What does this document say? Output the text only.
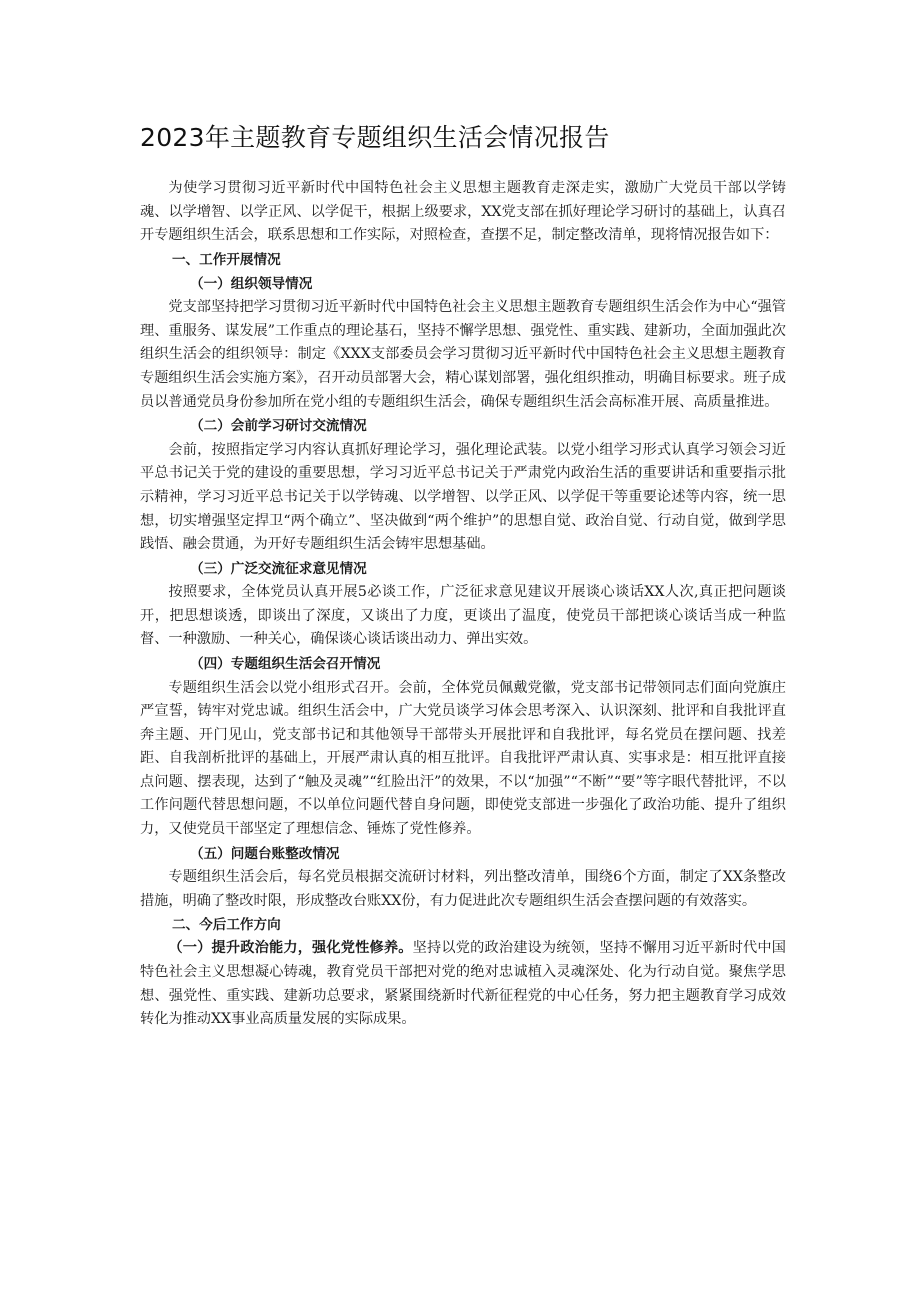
2023年主题教育专题组织生活会情况报告

为使学习贯彻习近平新时代中国特色社会主义思想主题教育走深走实，激励广大党员干部以学铸魂、以学增智、以学正风、以学促干，根据上级要求，XX党支部在抓好理论学习研讨的基础上，认真召开专题组织生活会，联系思想和工作实际，对照检查，查摆不足，制定整改清单，现将情况报告如下：

一、工作开展情况
（一）组织领导情况

党支部坚持把学习贯彻习近平新时代中国特色社会主义思想主题教育专题组织生活会作为中心“强管理、重服务、谋发展”工作重点的理论基石，坚持不懈学思想、强党性、重实践、建新功，全面加强此次组织生活会的组织领导：制定《XXX支部委员会学习贯彻习近平新时代中国特色社会主义思想主题教育专题组织生活会实施方案》，召开动员部署大会，精心谋划部署，强化组织推动，明确目标要求。班子成员以普通党员身份参加所在党小组的专题组织生活会，确保专题组织生活会高标准开展、高质量推进。

（二）会前学习研讨交流情况

会前，按照指定学习内容认真抓好理论学习，强化理论武装。以党小组学习形式认真学习领会习近平总书记关于党的建设的重要思想，学习习近平总书记关于严肃党内政治生活的重要讲话和重要指示批示精神，学习习近平总书记关于以学铸魂、以学增智、以学正风、以学促干等重要论述等内容，统一思想，切实增强坚定捍卫“两个确立”、坚决做到“两个维护”的思想自觉、政治自觉、行动自觉，做到学思践悟、融会贯通，为开好专题组织生活会铸牢思想基础。

（三）广泛交流征求意见情况

按照要求，全体党员认真开展5必谈工作，广泛征求意见建议开展谈心谈话XX人次,真正把问题谈开，把思想谈透，即谈出了深度，又谈出了力度，更谈出了温度，使党员干部把谈心谈话当成一种监督、一种激励、一种关心，确保谈心谈话谈出动力、弹出实效。

（四）专题组织生活会召开情况

专题组织生活会以党小组形式召开。会前，全体党员佩戴党徽，党支部书记带领同志们面向党旗庄严宣誓，铸牢对党忠诚。组织生活会中，广大党员谈学习体会思考深入、认识深刻、批评和自我批评直奔主题、开门见山，党支部书记和其他领导干部带头开展批评和自我批评，每名党员在摆问题、找差距、自我剖析批评的基础上，开展严肃认真的相互批评。自我批评严肃认真、实事求是：相互批评直接点问题、摆表现，达到了“触及灵魂”“红脸出汗”的效果，不以“加强”“不断”“要”等字眼代替批评，不以工作问题代替思想问题，不以单位问题代替自身问题，即使党支部进一步强化了政治功能、提升了组织力，又使党员干部坚定了理想信念、锤炼了党性修养。

（五）问题台账整改情况

专题组织生活会后，每名党员根据交流研讨材料，列出整改清单，围绕6个方面，制定了XX条整改措施，明确了整改时限，形成整改台账XX份，有力促进此次专题组织生活会查摆问题的有效落实。

二、今后工作方向

（一）提升政治能力，强化党性修养。坚持以党的政治建设为统领，坚持不懈用习近平新时代中国特色社会主义思想凝心铸魂，教育党员干部把对党的绝对忠诚植入灵魂深处、化为行动自觉。聚焦学思想、强党性、重实践、建新功总要求，紧紧围绕新时代新征程党的中心任务，努力把主题教育学习成效转化为推动XX事业高质量发展的实际成果。
